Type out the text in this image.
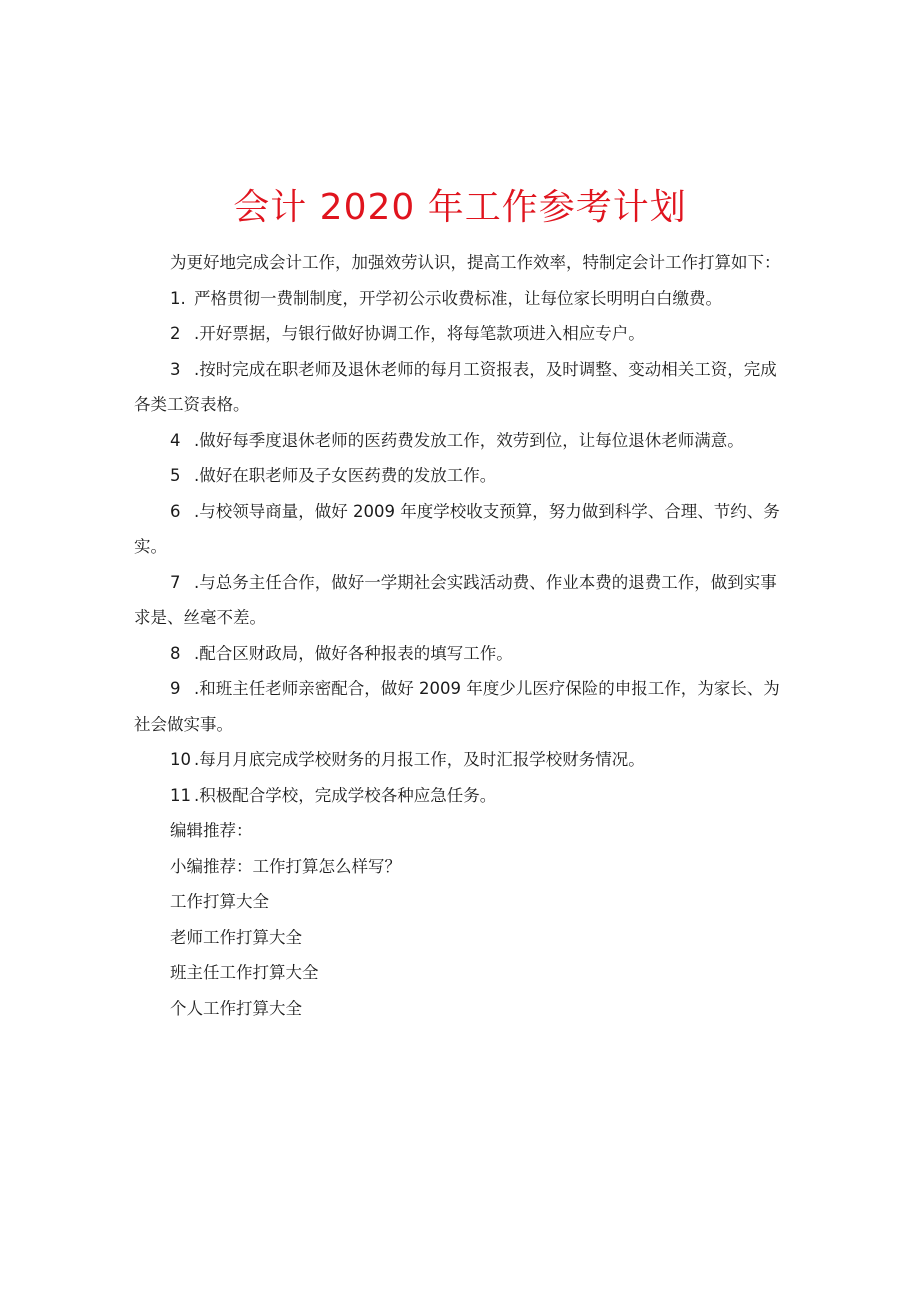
会计 2020 年工作参考计划

为更好地完成会计工作，加强效劳认识，提高工作效率，特制定会计工作打算如下：

1. 严格贯彻一费制制度，开学初公示收费标准，让每位家长明明白白缴费。

2 .开好票据，与银行做好协调工作，将每笔款项进入相应专户。

3 .按时完成在职老师及退休老师的每月工资报表，及时调整、变动相关工资，完成各类工资表格。

4 .做好每季度退休老师的医药费发放工作，效劳到位，让每位退休老师满意。

5 .做好在职老师及子女医药费的发放工作。

6 .与校领导商量，做好 2009 年度学校收支预算，努力做到科学、合理、节约、务实。

7 .与总务主任合作，做好一学期社会实践活动费、作业本费的退费工作，做到实事求是、丝毫不差。

8 .配合区财政局，做好各种报表的填写工作。

9 .和班主任老师亲密配合，做好 2009 年度少儿医疗保险的申报工作，为家长、为社会做实事。

10 .每月月底完成学校财务的月报工作，及时汇报学校财务情况。

11 .积极配合学校，完成学校各种应急任务。

编辑推荐：

小编推荐：工作打算怎么样写？

工作打算大全

老师工作打算大全

班主任工作打算大全

个人工作打算大全
